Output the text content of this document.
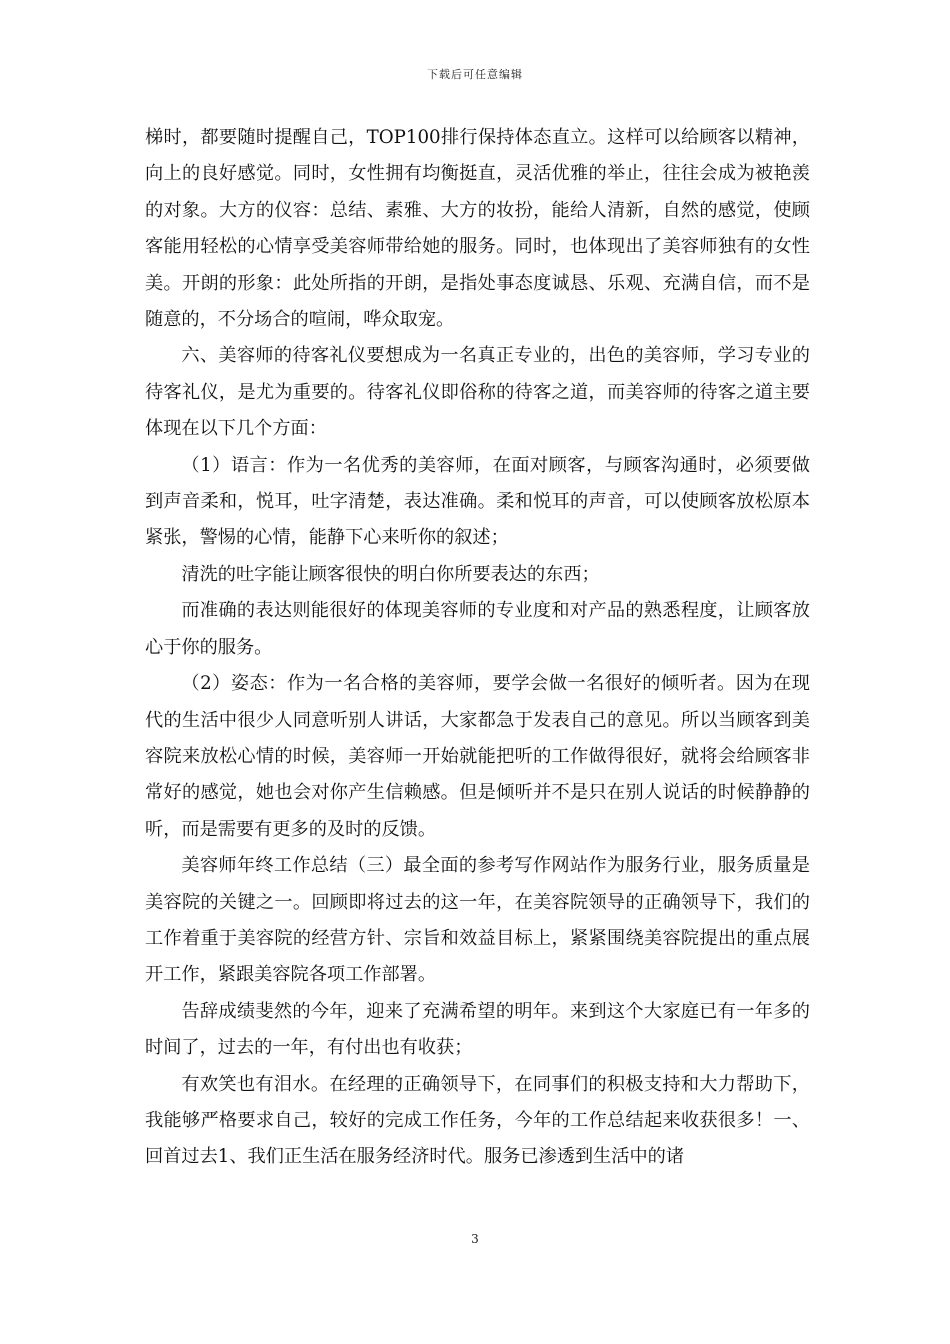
下载后可任意编辑

梯时，都要随时提醒自己，TOP100排行保持体态直立。这样可以给顾客以精神，向上的良好感觉。同时，女性拥有均衡挺直，灵活优雅的举止，往往会成为被艳羡的对象。大方的仪容：总结、素雅、大方的妆扮，能给人清新，自然的感觉，使顾客能用轻松的心情享受美容师带给她的服务。同时，也体现出了美容师独有的女性美。开朗的形象：此处所指的开朗，是指处事态度诚恳、乐观、充满自信，而不是随意的，不分场合的喧闹，哗众取宠。

六、美容师的待客礼仪要想成为一名真正专业的，出色的美容师，学习专业的待客礼仪，是尤为重要的。待客礼仪即俗称的待客之道，而美容师的待客之道主要体现在以下几个方面：

（1）语言：作为一名优秀的美容师，在面对顾客，与顾客沟通时，必须要做到声音柔和，悦耳，吐字清楚，表达准确。柔和悦耳的声音，可以使顾客放松原本紧张，警惕的心情，能静下心来听你的叙述；

清洗的吐字能让顾客很快的明白你所要表达的东西；

而准确的表达则能很好的体现美容师的专业度和对产品的熟悉程度，让顾客放心于你的服务。

（2）姿态：作为一名合格的美容师，要学会做一名很好的倾听者。因为在现代的生活中很少人同意听别人讲话，大家都急于发表自己的意见。所以当顾客到美容院来放松心情的时候，美容师一开始就能把听的工作做得很好，就将会给顾客非常好的感觉，她也会对你产生信赖感。但是倾听并不是只在别人说话的时候静静的听，而是需要有更多的及时的反馈。

美容师年终工作总结（三）最全面的参考写作网站作为服务行业，服务质量是美容院的关键之一。回顾即将过去的这一年，在美容院领导的正确领导下，我们的工作着重于美容院的经营方针、宗旨和效益目标上，紧紧围绕美容院提出的重点展开工作，紧跟美容院各项工作部署。

告辞成绩斐然的今年，迎来了充满希望的明年。来到这个大家庭已有一年多的时间了，过去的一年，有付出也有收获；

有欢笑也有泪水。在经理的正确领导下，在同事们的积极支持和大力帮助下，我能够严格要求自己，较好的完成工作任务，今年的工作总结起来收获很多！一、回首过去1、我们正生活在服务经济时代。服务已渗透到生活中的诸

3
